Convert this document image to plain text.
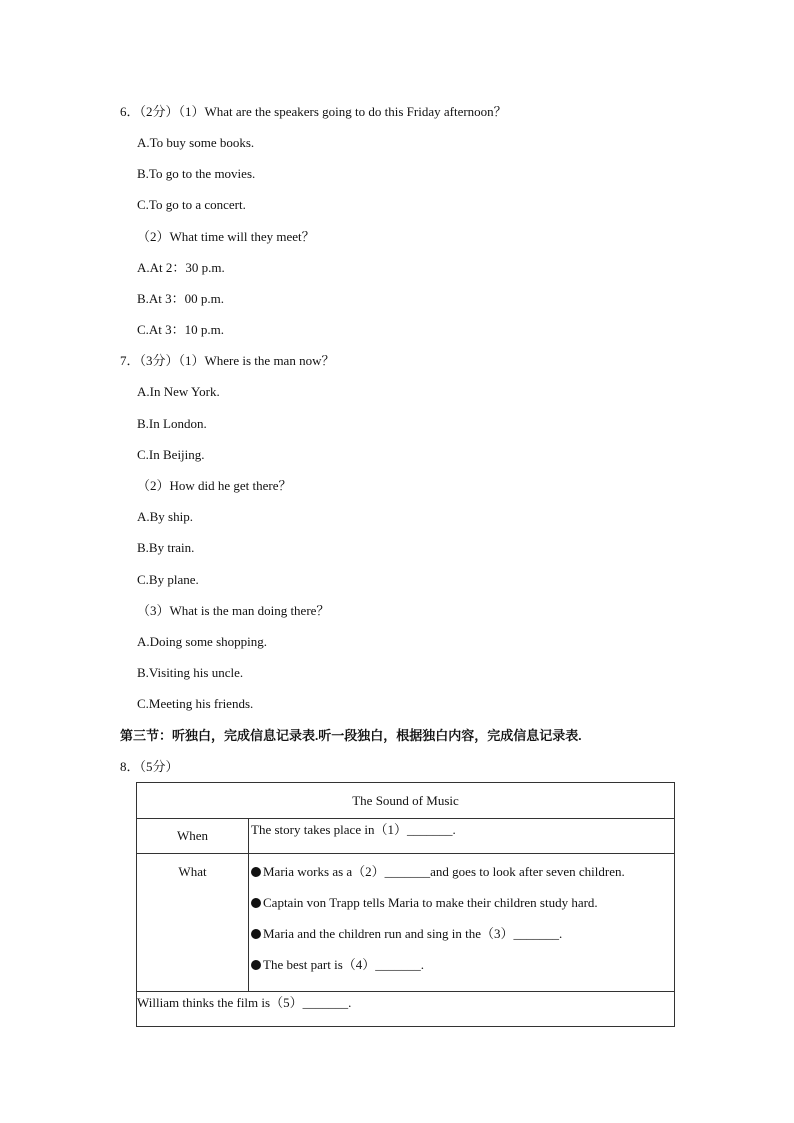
6．（2分）（1）What are the speakers going to do this Friday afternoon？
A.To buy some books.
B.To go to the movies.
C.To go to a concert.
（2）What time will they meet？
A.At 2：30 p.m.
B.At 3：00 p.m.
C.At 3：10 p.m.
7．（3分）（1）Where is the man now？
A.In New York.
B.In London.
C.In Beijing.
（2）How did he get there？
A.By ship.
B.By train.
C.By plane.
（3）What is the man doing there？
A.Doing some shopping.
B.Visiting his uncle.
C.Meeting his friends.
第三节：听独白，完成信息记录表.听一段独白，根据独白内容，完成信息记录表.
8．（5分）
The Sound of Music	
When	The story takes place in（1）_______.
What	Maria works as a（2）_______and goes to look after seven children.
Captain von Trapp tells Maria to make their children study hard.
Maria and the children run and sing in the（3）_______.
The best part is（4）_______.

William thinks the film is（5）_______.	
